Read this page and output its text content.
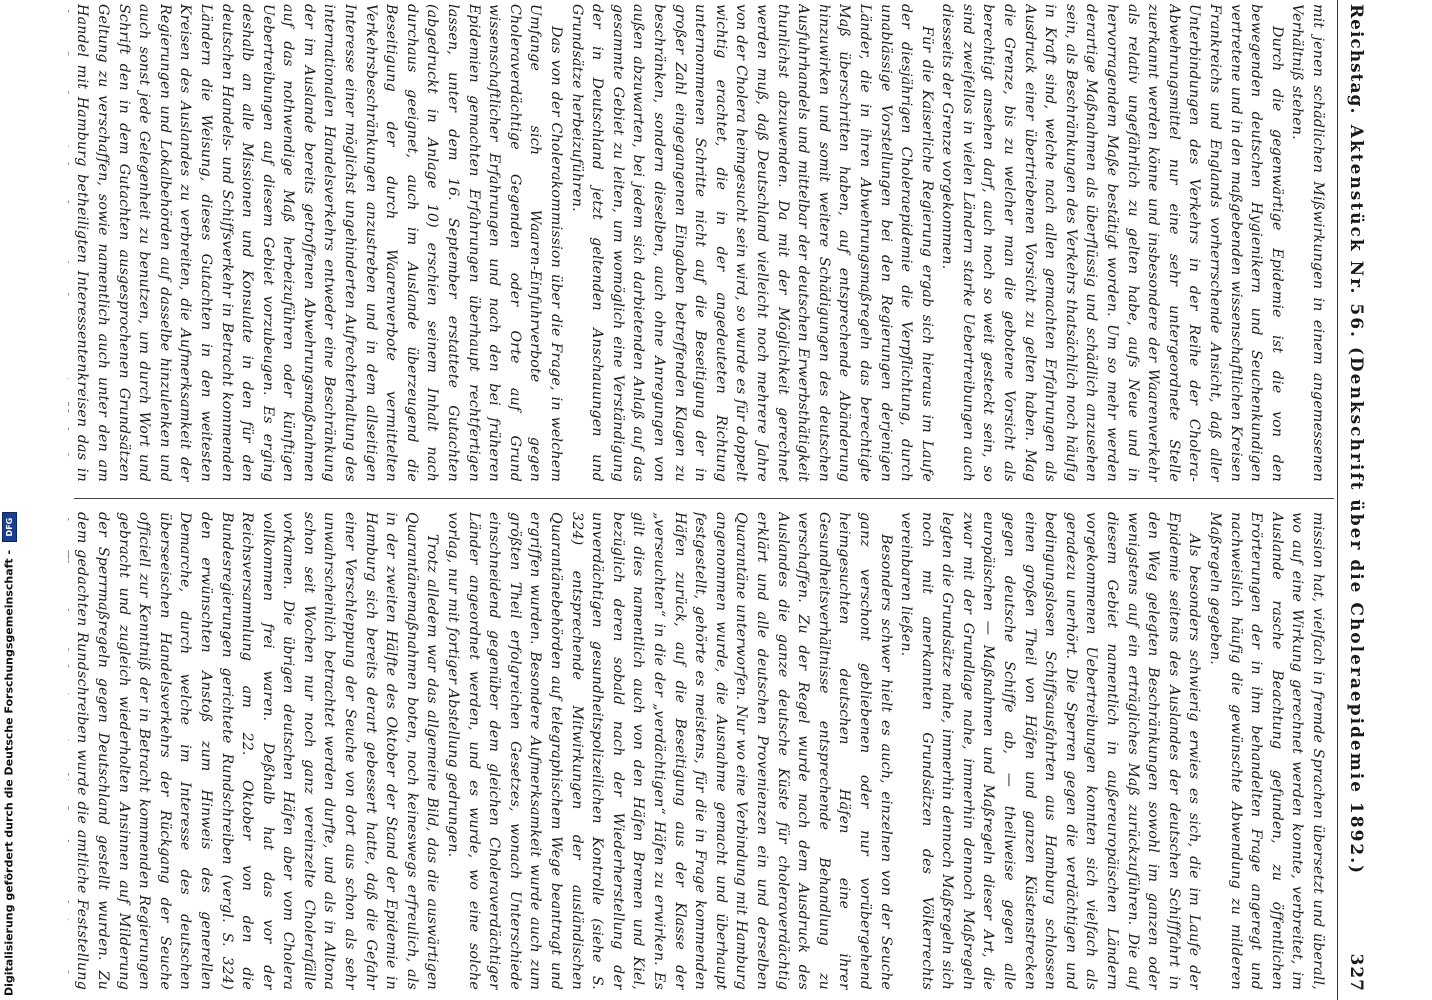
Reichstag.
Aktenstück Nr. 56. (Denkschrift über die Choleraepidemie 1892.)
327

mit jenen schädlichen Mißwirkungen in einem angemessenen Verhältniß stehen.

Durch die gegenwärtige Epidemie ist die von den bewegenden deutschen Hygienikern und Seuchenkundigen vertretene und in den maßgebenden wissenschaftlichen Kreisen Frankreichs und Englands vorherrschende Ansicht, daß aller Unterbindungen des Verkehrs in der Reihe der Cholera-Abwehrungsmittel nur eine sehr untergeordnete Stelle zuerkannt werden könne und insbesondere der Waarenverkehr als relativ ungefährlich zu gelten habe, aufs Neue und in hervorragendem Maße bestätigt worden. Um so mehr werden derartige Maßnahmen als überflüssig und schädlich anzusehen sein, als Beschränkungen des Verkehrs thatsächlich noch häufig in Kraft sind, welche nach allen gemachten Erfahrungen als Ausdruck einer übertriebenen Vorsicht zu gelten haben. Mag die Grenze, bis zu welcher man die gebotene Vorsicht als berechtigt ansehen darf, auch noch so weit gesteckt sein, so sind zweifellos in vielen Ländern starke Uebertreibungen auch diesseits der Grenze vorgekommen.

Für die Kaiserliche Regierung ergab sich hieraus im Laufe der diesjährigen Choleraepidemie die Verpflichtung, durch unablässige Vorstellungen bei den Regierungen derjenigen Länder, die in ihren Abwehrungsmaßregeln das berechtigte Maß überschritten haben, auf entsprechende Abänderung hinzuwirken und somit weitere Schädigungen des deutschen Ausfuhrhandels und mittelbar der deutschen Erwerbsthätigkeit thunlichst abzuwenden. Da mit der Möglichkeit gerechnet werden muß, daß Deutschland vielleicht noch mehrere Jahre von der Cholera heimgesucht sein wird, so wurde es für doppelt wichtig erachtet, die in der angedeuteten Richtung unternommenen Schritte nicht auf die Beseitigung der in großer Zahl eingegangenen Eingaben betreffenden Klagen zu beschränken, sondern dieselben, auch ohne Anregungen von außen abzuwarten, bei jedem sich darbietenden Anlaß auf das gesammte Gebiet zu leiten, um womöglich eine Verständigung der in Deutschland jetzt geltenden Anschauungen und Grundsätze herbeizuführen.

Das von der Cholerakommission über die Frage, in welchem Umfange sich Waaren-Einfuhrverbote gegen Choleraverdächtige Gegenden oder Orte auf Grund wissenschaftlicher Erfahrungen und nach den bei früheren Epidemien gemachten Erfahrungen überhaupt rechtfertigen lassen, unter dem 16. September erstattete Gutachten (abgedruckt in Anlage 10) erschien seinem Inhalt nach durchaus geeignet, auch im Auslande überzeugend die Beseitigung der durch Waarenverbote vermittelten Verkehrsbeschränkungen anzustreben und in dem allseitigen Interesse einer möglichst ungehinderten Aufrechterhaltung des internationalen Handelsverkehrs entweder eine Beschränkung der im Auslande bereits getroffenen Abwehrungsmaßnahmen auf das nothwendige Maß herbeizuführen oder künftigen Uebertreibungen auf diesem Gebiet vorzubeugen. Es erging deshalb an alle Missionen und Konsulate in den für den deutschen Handels- und Schiffsverkehr in Betracht kommenden Ländern die Weisung, dieses Gutachten in den weitesten Kreisen des Auslandes zu verbreiten, die Aufmerksamkeit der Regierungen und Lokalbehörden auf dasselbe hinzulenken und auch sonst jede Gelegenheit zu benutzen, um durch Wort und Schrift den in dem Gutachten ausgesprochenen Grundsätzen Geltung zu verschaffen, sowie namentlich auch unter den am Handel mit Hamburg betheiligten Interessentenkreisen das in

mission hat, vielfach in fremde Sprachen übersetzt und überall, wo auf eine Wirkung gerechnet werden konnte, verbreitet, im Auslande rasche Beachtung gefunden, zu öffentlichen Erörterungen der in ihm behandelten Frage angeregt und nachweislich häufig die gewünschte Abwendung zu milderen Maßregeln gegeben.

Als besonders schwierig erwies es sich, die im Laufe der Epidemie seitens des Auslandes der deutschen Schifffahrt in den Weg gelegten Beschränkungen sowohl im ganzen oder wenigstens auf ein erträgliches Maß zurückzuführen. Die auf diesem Gebiet namentlich in außereuropäischen Ländern vorgekommenen Uebertreibungen konnten sich vielfach als geradezu unerhört. Die Sperren gegen die verdächtigen und bedingungslosen Schiffsausfahrten aus Hamburg schlossen einen großen Theil von Häfen und ganzen Küstenstrecken gegen deutsche Schiffe ab, — theilweise gegen alle europäischen — Maßnahmen und Maßregeln dieser Art, die zwar mit der Grundlage nahe, immerhin dennoch Maßregeln legten die Grundsätze nahe, immerhin dennoch Maßregeln sich noch mit anerkannten Grundsätzen des Völkerrechts vereinbaren ließen.

Besonders schwer hielt es auch, einzelnen von der Seuche ganz verschont gebliebenen oder nur vorübergehend heimgesuchten deutschen Häfen eine ihrer Gesundheitsverhältnisse entsprechende Behandlung zu verschaffen. Zu der Regel wurde nach dem Ausdruck des Auslandes die ganze deutsche Küste für choleraverdächtig erklärt und alle deutschen Provenienzen ein und derselben Quarantäne unterworfen. Nur wo eine Verbindung mit Hamburg angenommen wurde, die Ausnahme gemacht und überhaupt festgestellt, gehörte es meistens, für die in Frage kommenden Häfen zurück, auf die Beseitigung aus der Klasse der „verseuchten“ in die der „verdächtigen“ Häfen zu erwirken. Es gilt dies namentlich auch von den Häfen Bremen und Kiel, bezüglich deren sobald nach der Wiederherstellung der unverdächtigen gesundheitspolizeilichen Kontrolle (siehe S. 324) entsprechende Mitwirkungen der ausländischen Quarantänebehörden auf telegraphischem Wege beantragt und ergriffen wurden. Besondere Aufmerksamkeit wurde auch zum größten Theil erfolgreichen Gesetzes, wonach Unterschiede einschneidend gegenüber dem gleichen Choleraverdächtiger Länder angeordnet werden, und es wurde, wo eine solche vorlag, nur mit fortiger Abstellung gedrungen.

Trotz alledem war das allgemeine Bild, das die auswärtigen Quarantänemaßnahmen boten, noch keineswegs erfreulich, als in der zweiten Hälfte des Oktober der Stand der Epidemie in Hamburg sich bereits derart gebessert hatte, daß die Gefahr einer Verschleppung der Seuche von dort aus schon als sehr unwahrscheinlich betrachtet werden durfte, und als in Altona schon seit Wochen nur noch ganz vereinzelte Cholerafälle vorkamen. Die übrigen deutschen Häfen aber vom Cholera vollkommen frei waren. Deßhalb hat das vor der Reichsversammlung am 22. Oktober von den die Bundesregierungen gerichtete Rundschreiben (vergl. S. 324) den erwünschten Anstoß zum Hinweis des generellen Demarche, durch welche im Interesse des deutschen überseeischen Handelsverkehrs der Rückgang der Seuche officiell zur Kenntniß der in Betracht kommenden Regierungen gebracht und zugleich wiederholten Ansinnen auf Milderung der Sperrmaßregeln gegen Deutschland gestellt wurden. Zu dem gedachten Rundschreiben wurde die amtliche Feststellung

Digitalisierung gefördert durch die Deutsche Forschungsgemeinschaft - DFG
